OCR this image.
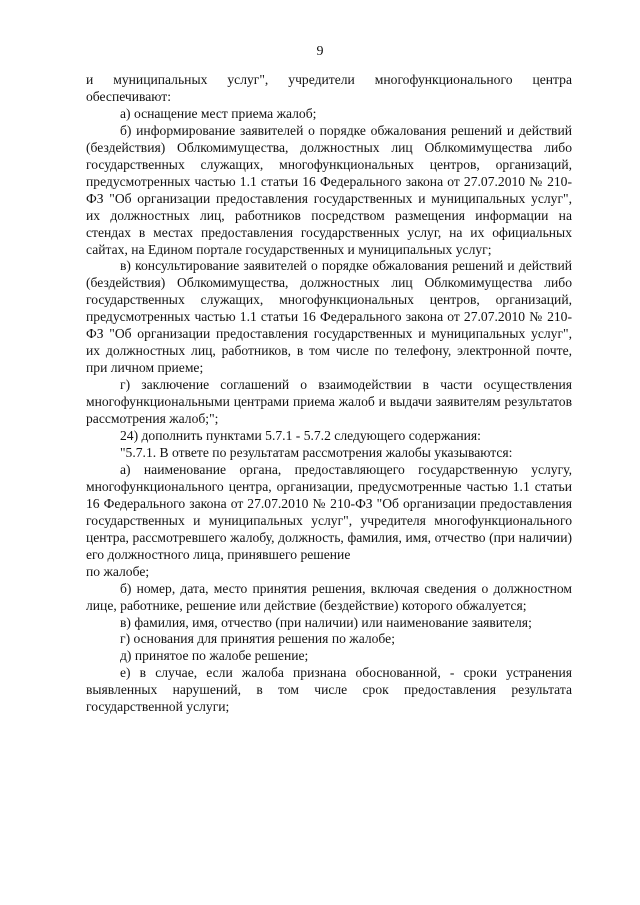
9

и муниципальных услуг", учредители многофункционального центра обеспечивают:

а) оснащение мест приема жалоб;

б) информирование заявителей о порядке обжалования решений и действий (бездействия) Облкомимущества, должностных лиц Облкомимущества либо государственных служащих, многофункциональных центров, организаций, предусмотренных частью 1.1 статьи 16 Федерального закона от 27.07.2010 № 210-ФЗ "Об организации предоставления государственных и муниципальных услуг", их должностных лиц, работников посредством размещения информации на стендах в местах предоставления государственных услуг, на их официальных сайтах, на Едином портале государственных и муниципальных услуг;

в) консультирование заявителей о порядке обжалования решений и действий (бездействия) Облкомимущества, должностных лиц Облкомимущества либо государственных служащих, многофункциональных центров, организаций, предусмотренных частью 1.1 статьи 16 Федерального закона от 27.07.2010 № 210-ФЗ "Об организации предоставления государственных и муниципальных услуг", их должностных лиц, работников, в том числе по телефону, электронной почте, при личном приеме;

г) заключение соглашений о взаимодействии в части осуществления многофункциональными центрами приема жалоб и выдачи заявителям результатов рассмотрения жалоб;";

24) дополнить пунктами 5.7.1 - 5.7.2 следующего содержания:

"5.7.1. В ответе по результатам рассмотрения жалобы указываются:

а) наименование органа, предоставляющего государственную услугу, многофункционального центра, организации, предусмотренные частью 1.1 статьи 16 Федерального закона от 27.07.2010 № 210-ФЗ "Об организации предоставления государственных и муниципальных услуг", учредителя многофункционального центра, рассмотревшего жалобу, должность, фамилия, имя, отчество (при наличии) его должностного лица, принявшего решение

по жалобе;

б) номер, дата, место принятия решения, включая сведения о должностном лице, работнике, решение или действие (бездействие) которого обжалуется;

в) фамилия, имя, отчество (при наличии) или наименование заявителя;

г) основания для принятия решения по жалобе;

д) принятое по жалобе решение;

е) в случае, если жалоба признана обоснованной, - сроки устранения выявленных нарушений, в том числе срок предоставления результата государственной услуги;
